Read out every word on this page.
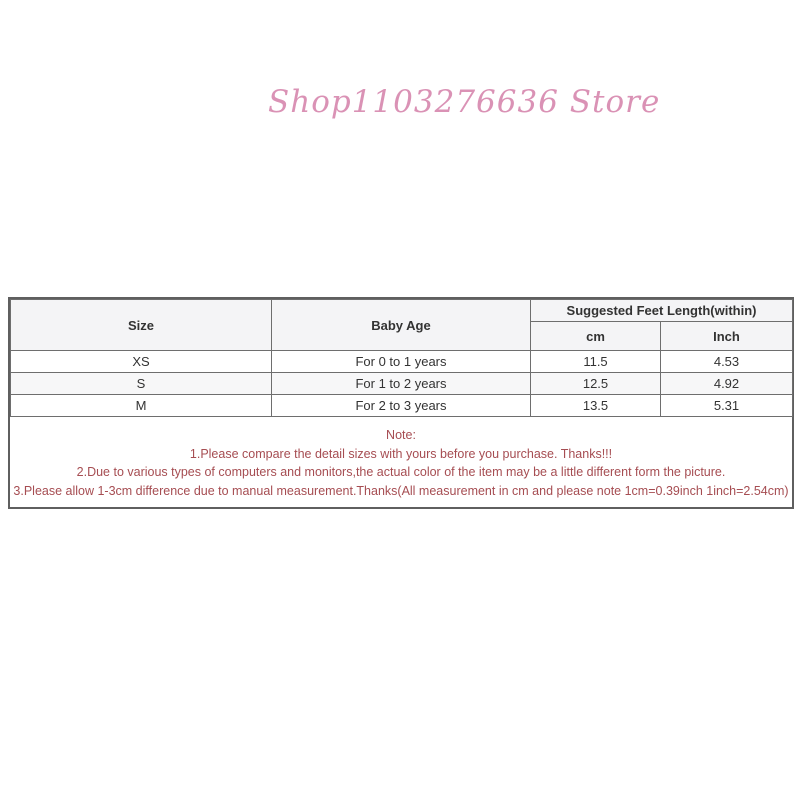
Size	Baby Age	Suggested Feet Length(within)	
		cm	Inch
XS	For 0 to 1 years	11.5	4.53
S	For 1 to 2 years	12.5	4.92
M	For 2 to 3 years	13.5	5.31
Note:
1.Please compare the detail sizes with yours before you purchase. Thanks!!!
2.Due to various types of computers and monitors,the actual color of the item may be a little different form the picture.
3.Please allow 1-3cm difference due to manual measurement.Thanks(All measurement in cm and please note 1cm=0.39inch 1inch=2.54cm)
Shop1103276636 Store
